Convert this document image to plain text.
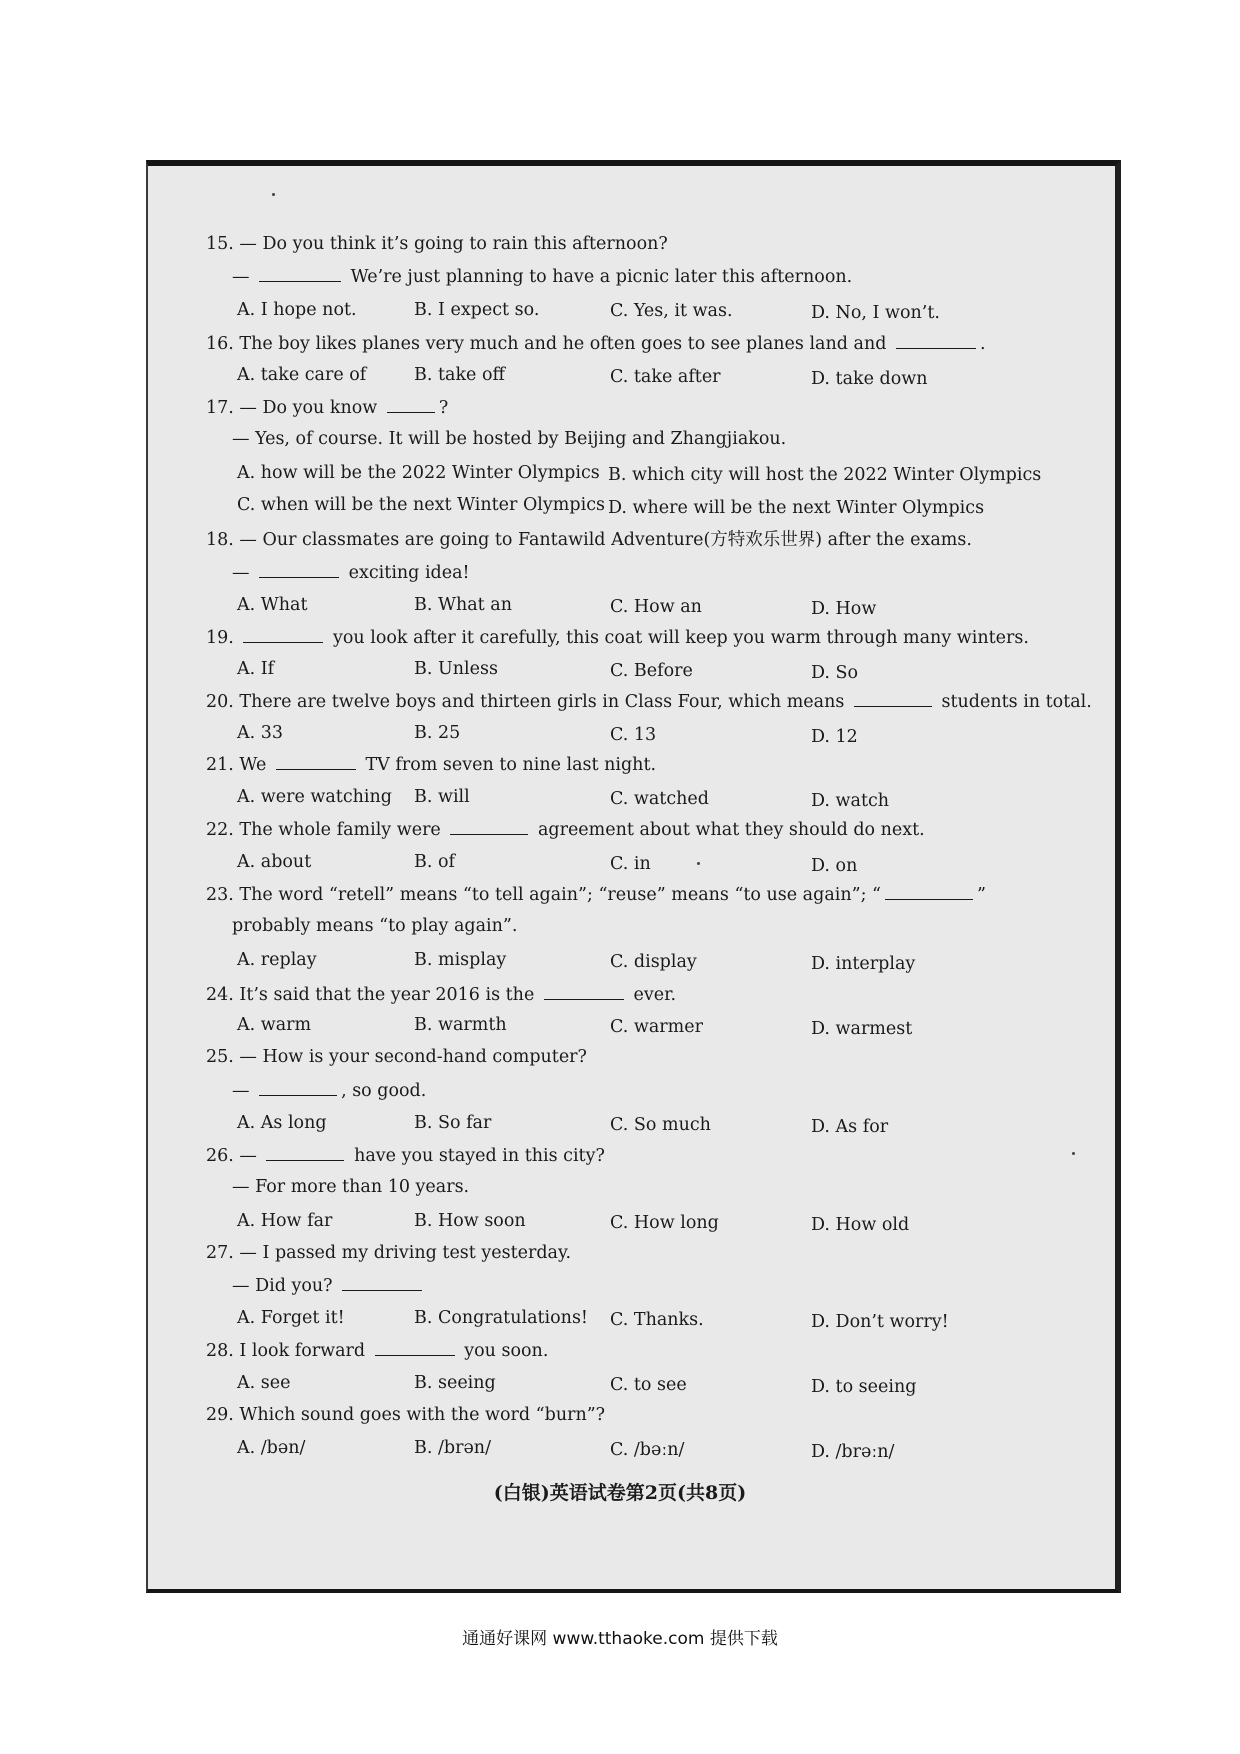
15. — Do you think it’s going to rain this afternoon?
—	We’re just planning to have a picnic later this afternoon.
A. I hope not.	B. I expect so.	C. Yes, it was.	D. No, I won’t.
16. The boy likes planes very much and he often goes to see planes land and	.
A. take care of	B. take off	C. take after	D. take down
17. — Do you know	?
— Yes, of course. It will be hosted by Beijing and Zhangjiakou.
A. how will be the 2022 Winter Olympics B. which city will host the 2022 Winter Olympics
C. when will be the next Winter Olympics D. where will be the next Winter Olympics
18. — Our classmates are going to Fantawild Adventure(方特欢乐世界) after the exams.
—	exciting idea!
A. What	B. What an	C. How an	D. How
19.	you look after it carefully, this coat will keep you warm through many winters.
A. If	B. Unless	C. Before	D. So
20. There are twelve boys and thirteen girls in Class Four, which means	students in total.
A. 33	B. 25	C. 13	D. 12
21. We	TV from seven to nine last night.
A. were watching B. will	C. watched	D. watch
22. The whole family were	agreement about what they should do next.
A. about	B. of	C. in	D. on
23. The word “retell” means “to tell again”; “reuse” means “to use again”; “	”
probably means “to play again”.
A. replay	B. misplay	C. display	D. interplay
24. It’s said that the year 2016 is the	ever.
A. warm	B. warmth	C. warmer	D. warmest
25. — How is your second-hand computer?
—	, so good.
A. As long	B. So far	C. So much	D. As for
26. —	have you stayed in this city?
— For more than 10 years.
A. How far	B. How soon	C. How long	D. How old
27. — I passed my driving test yesterday.
— Did you?
A. Forget it!	B. Congratulations! C. Thanks.	D. Don’t worry!
28. I look forward	you soon.
A. see	B. seeing	C. to see	D. to seeing
29. Which sound goes with the word “burn”?
A. /bən/	B. /brən/	C. /bəːn/	D. /brəːn/
(白银)英语试卷第2页(共8页)
通通好课网 www.tthaoke.com 提供下载
